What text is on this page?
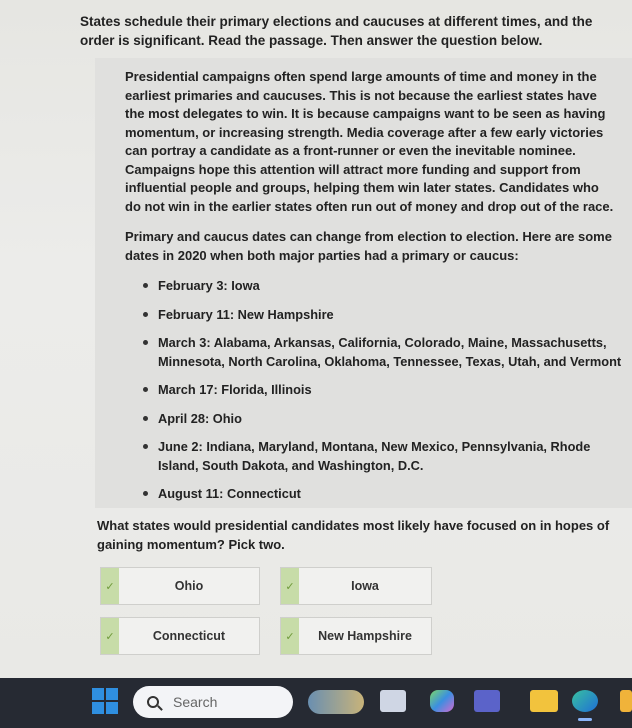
States schedule their primary elections and caucuses at different times, and the order is significant. Read the passage. Then answer the question below.

Presidential campaigns often spend large amounts of time and money in the earliest primaries and caucuses. This is not because the earliest states have the most delegates to win. It is because campaigns want to be seen as having momentum, or increasing strength. Media coverage after a few early victories can portray a candidate as a front-runner or even the inevitable nominee. Campaigns hope this attention will attract more funding and support from influential people and groups, helping them win later states. Candidates who do not win in the earlier states often run out of money and drop out of the race.

Primary and caucus dates can change from election to election. Here are some dates in 2020 when both major parties had a primary or caucus:

February 3: Iowa
February 11: New Hampshire
March 3: Alabama, Arkansas, California, Colorado, Maine, Massachusetts, Minnesota, North Carolina, Oklahoma, Tennessee, Texas, Utah, and Vermont
March 17: Florida, Illinois
April 28: Ohio
June 2: Indiana, Maryland, Montana, New Mexico, Pennsylvania, Rhode Island, South Dakota, and Washington, D.C.
August 11: Connecticut
What states would presidential candidates most likely have focused on in hopes of gaining momentum? Pick two.
✓	Ohio	✓	Iowa
✓	Connecticut	✓	New Hampshire
Search
